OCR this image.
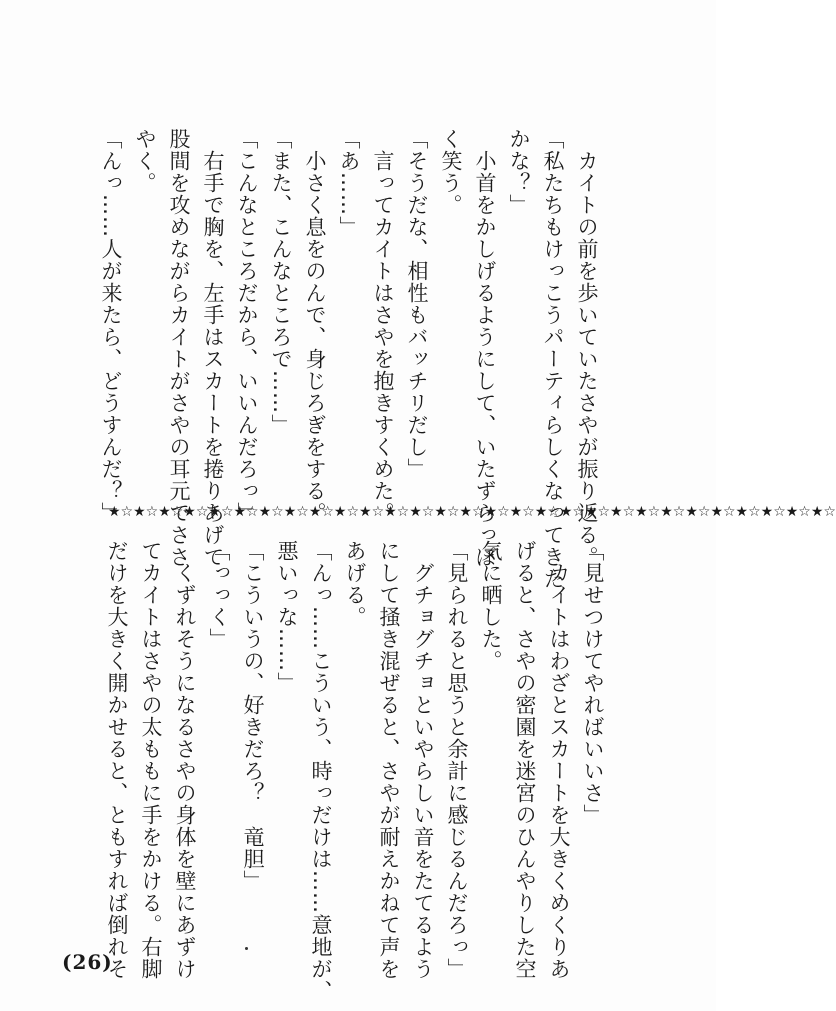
　カイトの前を歩いていたさやが振り返る。
「私たちもけっこうパーティらしくなってきた
かな？」
　小首をかしげるようにして、いたずらっぽ
く笑う。
「そうだな、相性もバッチリだし」
　言ってカイトはさやを抱きすくめた。
「あ……」
　小さく息をのんで、身じろぎをする。
「また、こんなところで……」
「こんなところだから、いいんだろっ」
　右手で胸を、左手はスカートを捲りあげて
股間を攻めながらカイトがさやの耳元でささ
やく。
「んっ……人が来たら、どうすんだ？」
★☆★☆★☆★☆★☆★☆★☆★☆★☆★☆★☆★☆★☆★☆★☆★☆★☆★☆★☆★☆★☆★☆★☆★☆★☆★☆★☆★☆★☆
「見せつけてやればいいさ」
　カイトはわざとスカートを大きくめくりあ
げると、さやの密園を迷宮のひんやりした空
気に晒した。
「見られると思うと余計に感じるんだろっ」
　グチョグチョといやらしい音をたてるよう
にして掻き混ぜると、さやが耐えかねて声を
あげる。
「んっ……こういう、時っだけは……意地が、
悪いっな……」
「こういうの、好きだろ？　竜胆」
「っっく」
　くずれそうになるさやの身体を壁にあずけ
てカイトはさやの太ももに手をかける。右脚
だけを大きく開かせると、ともすれば倒れそ
(26)
